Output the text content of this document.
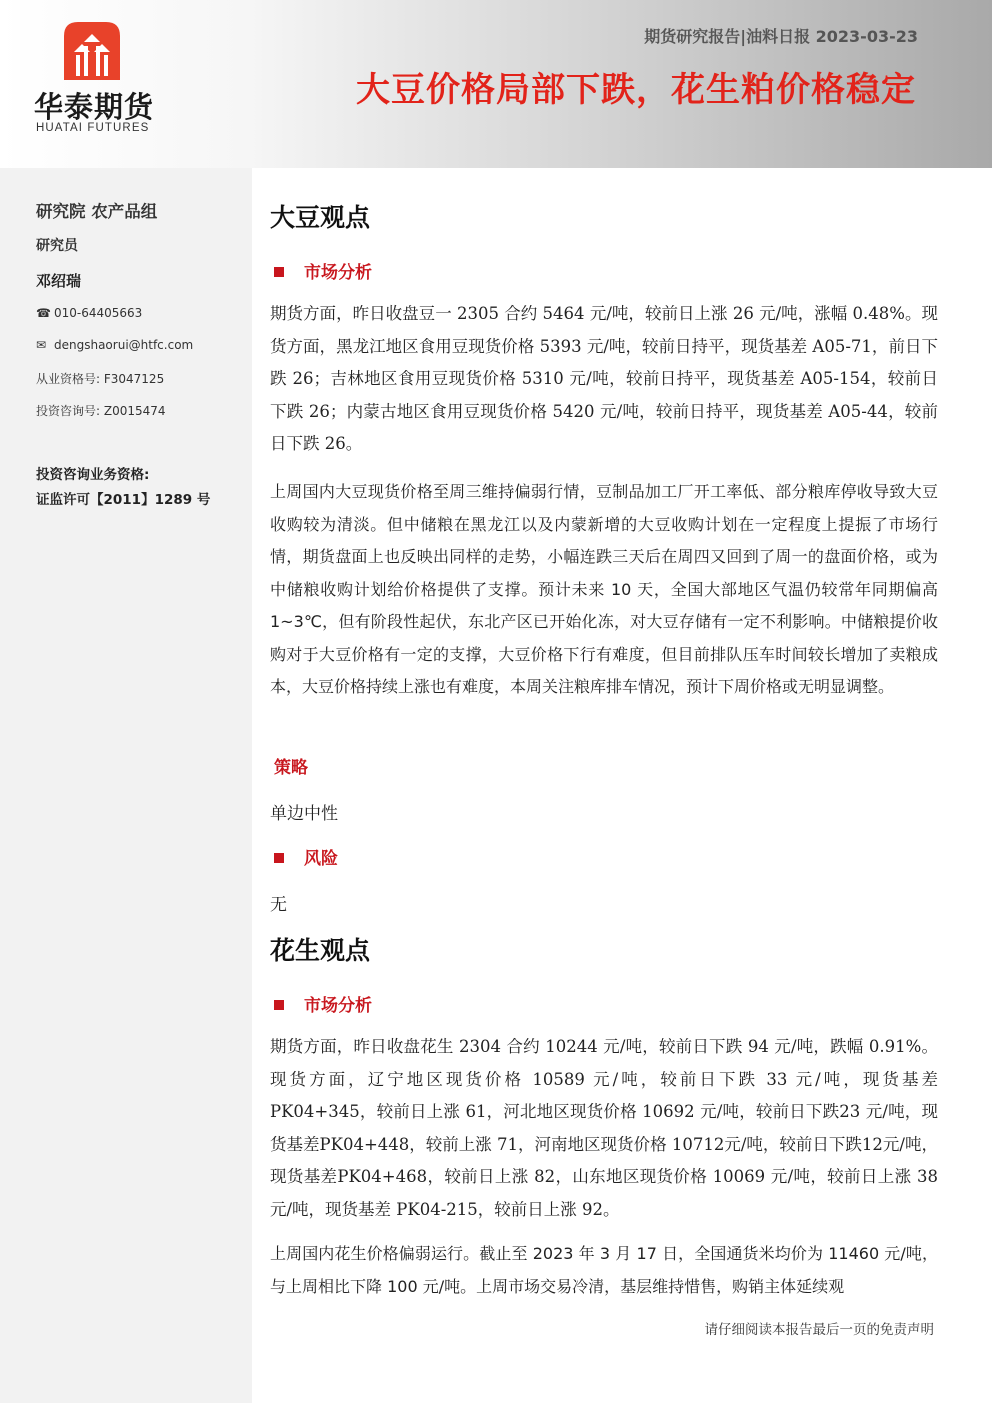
华泰期货
HUATAI FUTURES
期货研究报告|油料日报 2023-03-23
大豆价格局部下跌，花生粕价格稳定
研究院 农产品组
研究员
邓绍瑞
☎ 010-64405663
✉ dengshaorui@htfc.com
从业资格号: F3047125
投资咨询号: Z0015474
投资咨询业务资格:
证监许可【2011】1289 号
大豆观点
市场分析
期货方面，昨日收盘豆一 2305 合约 5464 元/吨，较前日上涨 26 元/吨，涨幅 0.48%。现货方面，黑龙江地区食用豆现货价格 5393 元/吨，较前日持平，现货基差 A05-71，前日下跌 26；吉林地区食用豆现货价格 5310 元/吨，较前日持平，现货基差 A05-154，较前日下跌 26；内蒙古地区食用豆现货价格 5420 元/吨，较前日持平，现货基差 A05-44，较前日下跌 26。
上周国内大豆现货价格至周三维持偏弱行情，豆制品加工厂开工率低、部分粮库停收导致大豆收购较为清淡。但中储粮在黑龙江以及内蒙新增的大豆收购计划在一定程度上提振了市场行情，期货盘面上也反映出同样的走势，小幅连跌三天后在周四又回到了周一的盘面价格，或为中储粮收购计划给价格提供了支撑。预计未来 10 天，全国大部地区气温仍较常年同期偏高 1~3℃，但有阶段性起伏，东北产区已开始化冻，对大豆存储有一定不利影响。中储粮提价收购对于大豆价格有一定的支撑，大豆价格下行有难度，但目前排队压车时间较长增加了卖粮成本，大豆价格持续上涨也有难度，本周关注粮库排车情况，预计下周价格或无明显调整。
策略
单边中性
风险
无
花生观点
市场分析
期货方面，昨日收盘花生 2304 合约 10244 元/吨，较前日下跌 94 元/吨，跌幅 0.91%。现货方面，辽宁地区现货价格 10589 元/吨，较前日下跌 33 元/吨，现货基差 PK04+345，较前日上涨 61，河北地区现货价格 10692 元/吨，较前日下跌23 元/吨，现货基差PK04+448，较前上涨 71，河南地区现货价格 10712元/吨，较前日下跌12元/吨，现货基差PK04+468，较前日上涨 82，山东地区现货价格 10069 元/吨，较前日上涨 38 元/吨，现货基差 PK04-215，较前日上涨 92。
上周国内花生价格偏弱运行。截止至 2023 年 3 月 17 日，全国通货米均价为 11460 元/吨，与上周相比下降 100 元/吨。上周市场交易冷清，基层维持惜售，购销主体延续观
请仔细阅读本报告最后一页的免责声明
